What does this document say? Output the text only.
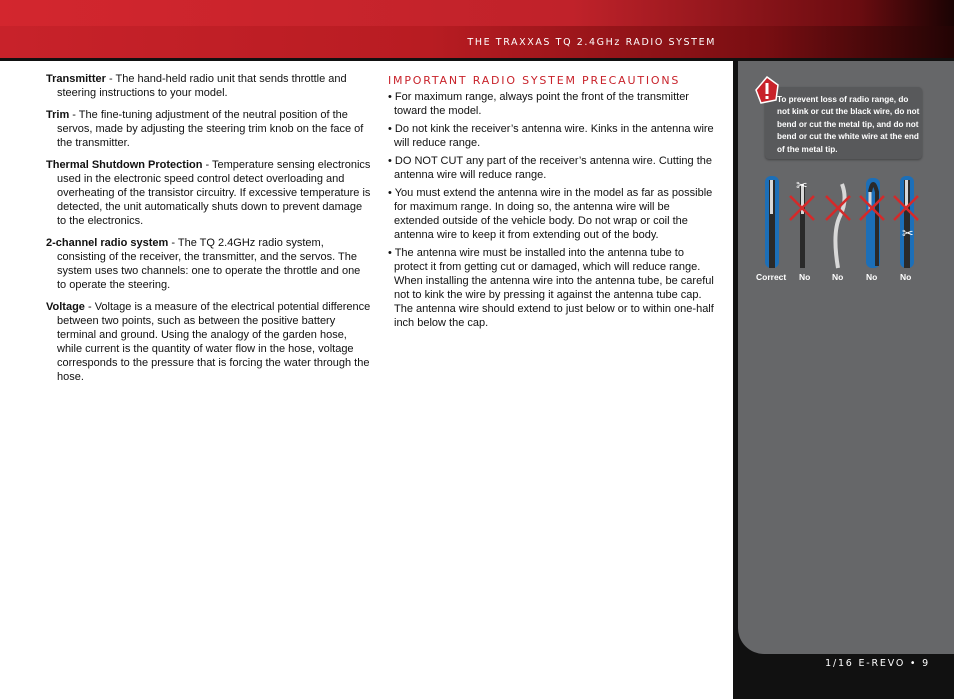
THE TRAXXAS TQ 2.4GHz RADIO SYSTEM

Transmitter - The hand-held radio unit that sends throttle and steering instructions to your model.

Trim - The fine-tuning adjustment of the neutral position of the servos, made by adjusting the steering trim knob on the face of the transmitter.

Thermal Shutdown Protection - Temperature sensing electronics used in the electronic speed control detect overloading and overheating of the transistor circuitry. If excessive temperature is detected, the unit automatically shuts down to prevent damage to the electronics.

2-channel radio system - The TQ 2.4GHz radio system, consisting of the receiver, the transmitter, and the servos. The system uses two channels: one to operate the throttle and one to operate the steering.

Voltage - Voltage is a measure of the electrical potential difference between two points, such as between the positive battery terminal and ground. Using the analogy of the garden hose, while current is the quantity of water flow in the hose, voltage corresponds to the pressure that is forcing the water through the hose.

IMPORTANT RADIO SYSTEM PRECAUTIONS

• For maximum range, always point the front of the transmitter toward the model.

• Do not kink the receiver’s antenna wire. Kinks in the antenna wire will reduce range.

• DO NOT CUT any part of the receiver’s antenna wire. Cutting the antenna wire will reduce range.

• You must extend the antenna wire in the model as far as possible for maximum range. In doing so, the antenna wire will be extended outside of the vehicle body. Do not wrap or coil the antenna wire to keep it from extending out of the body.

• The antenna wire must be installed into the antenna tube to protect it from getting cut or damaged, which will reduce range. When installing the antenna wire into the antenna tube, be careful not to kink the wire by pressing it against the antenna tube cap. The antenna wire should extend to just below or to within one-half inch below the cap.

To prevent loss of radio range, do not kink or cut the black wire, do not bend or cut the metal tip, and do not bend or cut the white wire at the end of the metal tip.
✂
✂
Correct No	No	No	No
1/16 E-REVO • 9
